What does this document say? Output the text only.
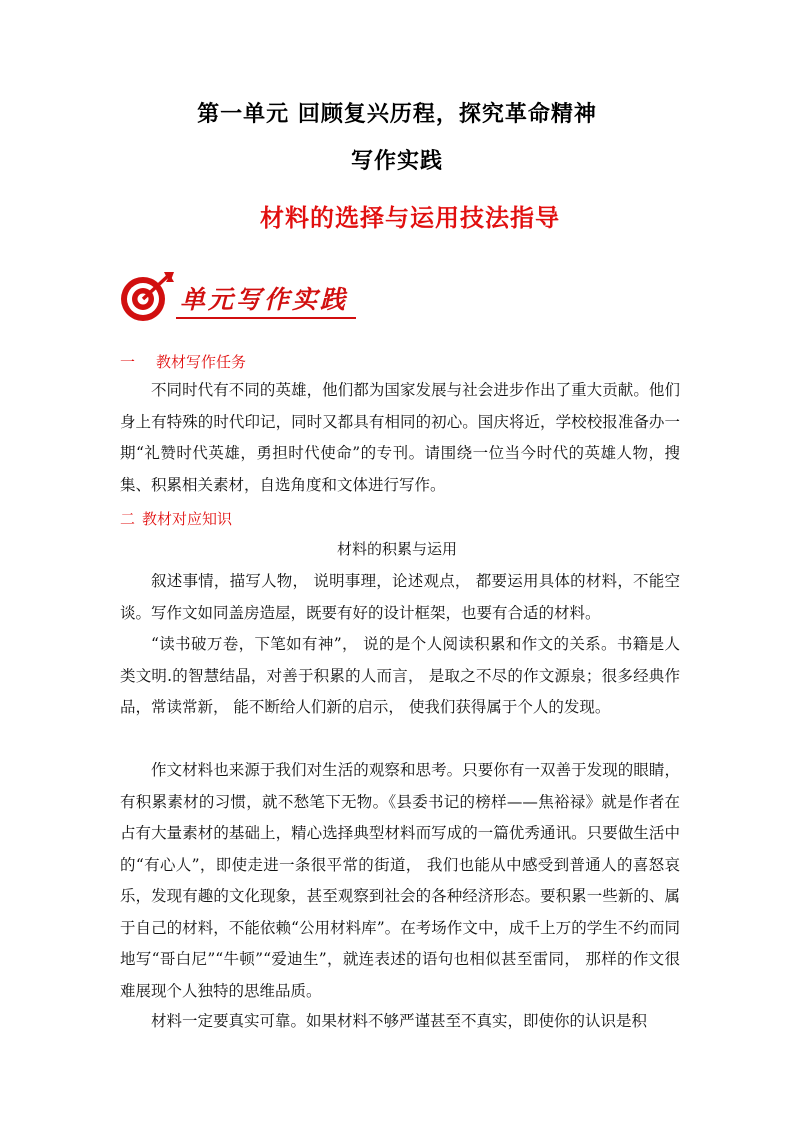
第一单元 回顾复兴历程，探究革命精神
写作实践
材料的选择与运用技法指导
单元写作实践
一 教材写作任务

不同时代有不同的英雄，他们都为国家发展与社会进步作出了重大贡献。他们身上有特殊的时代印记，同时又都具有相同的初心。国庆将近，学校校报准备办一期“礼赞时代英雄，勇担时代使命”的专刊。请围绕一位当今时代的英雄人物，搜集、积累相关素材，自选角度和文体进行写作。

二 教材对应知识
材料的积累与运用

叙述事情，描写人物， 说明事理，论述观点， 都要运用具体的材料，不能空谈。写作文如同盖房造屋，既要有好的设计框架，也要有合适的材料。

“读书破万卷，下笔如有神”， 说的是个人阅读积累和作文的关系。书籍是人类文明.的智慧结晶，对善于积累的人而言， 是取之不尽的作文源泉；很多经典作品，常读常新， 能不断给人们新的启示， 使我们获得属于个人的发现。

作文材料也来源于我们对生活的观察和思考。只要你有一双善于发现的眼睛，有积累素材的习惯，就不愁笔下无物。《县委书记的榜样——焦裕禄》就是作者在占有大量素材的基础上，精心选择典型材料而写成的一篇优秀通讯。只要做生活中的“有心人”，即使走进一条很平常的街道， 我们也能从中感受到普通人的喜怒哀乐，发现有趣的文化现象，甚至观察到社会的各种经济形态。要积累一些新的、属于自己的材料，不能依赖“公用材料库”。在考场作文中，成千上万的学生不约而同地写“哥白尼”“牛顿”“爱迪生”，就连表述的语句也相似甚至雷同， 那样的作文很难展现个人独特的思维品质。

材料一定要真实可靠。如果材料不够严谨甚至不真实，即使你的认识是积
